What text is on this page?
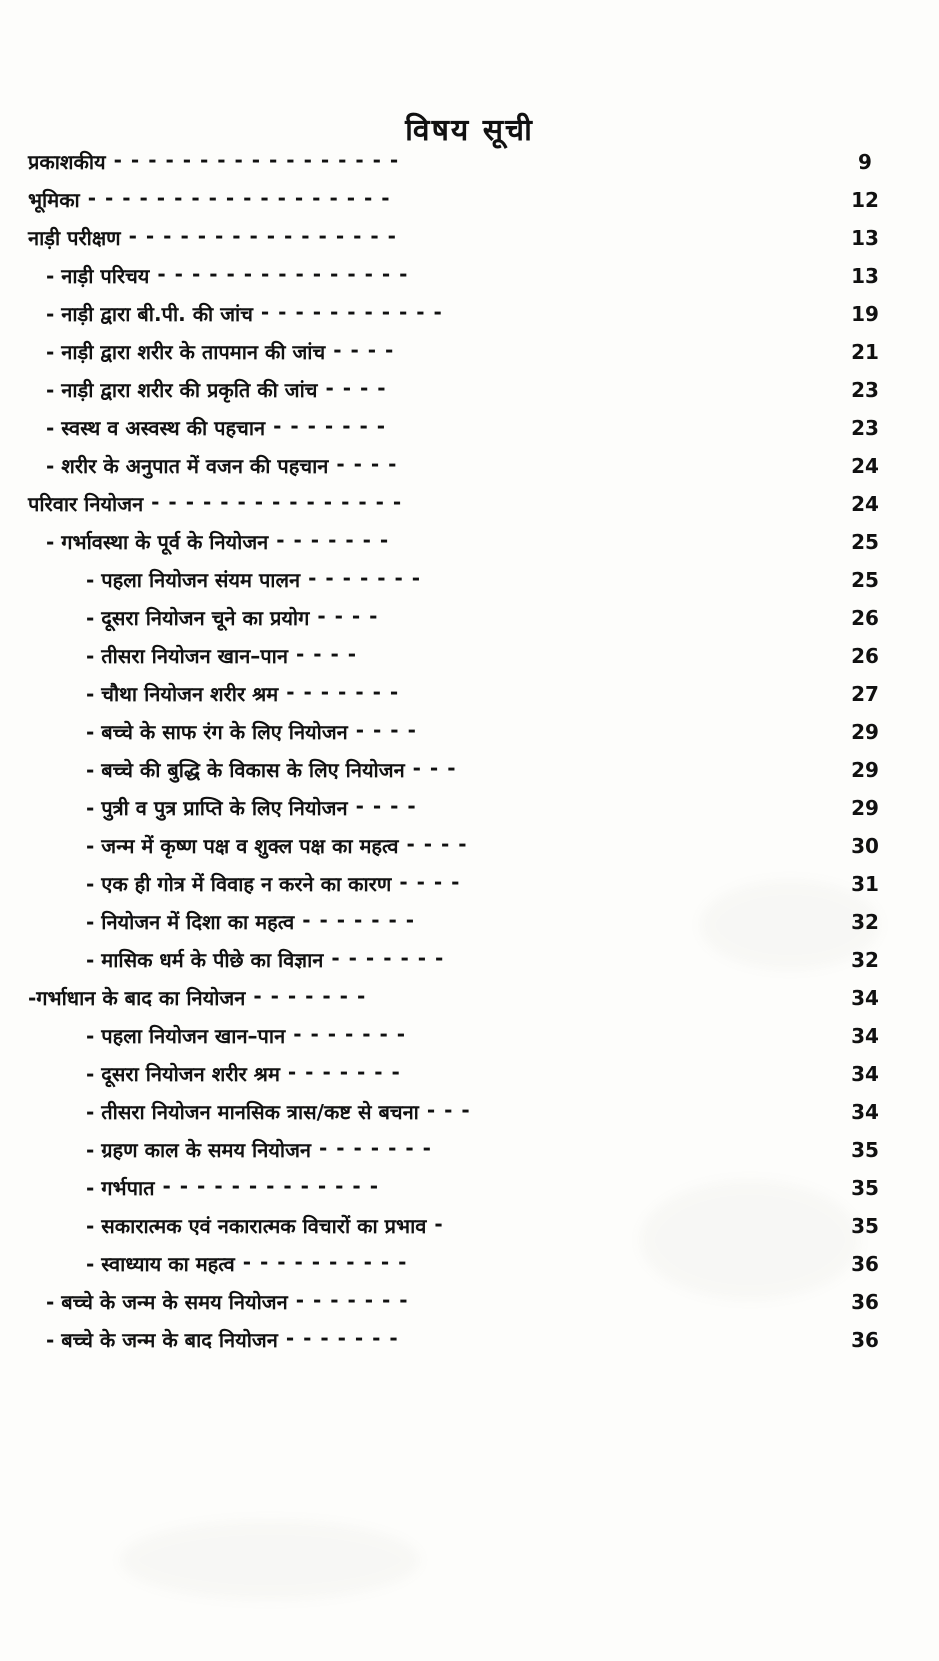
विषय सूची
प्रकाशकीय - - - - - - - - - - - - - - - - -	9
भूमिका - - - - - - - - - - - - - - - - - -	12
नाड़ी परीक्षण - - - - - - - - - - - - - - - -	13
- नाड़ी परिचय - - - - - - - - - - - - - - -	13
- नाड़ी द्वारा बी.पी. की जांच - - - - - - - - - - -	19
- नाड़ी द्वारा शरीर के तापमान की जांच - - - -	21
- नाड़ी द्वारा शरीर की प्रकृति की जांच - - - -	23
- स्वस्थ व अस्वस्थ की पहचान - - - - - - -	23
- शरीर के अनुपात में वजन की पहचान - - - -	24
परिवार नियोजन - - - - - - - - - - - - - - -	24
- गर्भावस्था के पूर्व के नियोजन - - - - - - -	25
- पहला नियोजन संयम पालन - - - - - - -	25
- दूसरा नियोजन चूने का प्रयोग - - - -	26
- तीसरा नियोजन खान–पान - - - -	26
- चौथा नियोजन शरीर श्रम - - - - - - -	27
- बच्चे के साफ रंग के लिए नियोजन - - - -	29
- बच्चे की बुद्धि के विकास के लिए नियोजन - - -	29
- पुत्री व पुत्र प्राप्ति के लिए नियोजन - - - -	29
- जन्म में कृष्ण पक्ष व शुक्ल पक्ष का महत्व - - - -	30
- एक ही गोत्र में विवाह न करने का कारण - - - -	31
- नियोजन में दिशा का महत्व - - - - - - -	32
- मासिक धर्म के पीछे का विज्ञान - - - - - - -	32
-गर्भाधान के बाद का नियोजन - - - - - - -	34
- पहला नियोजन खान–पान - - - - - - -	34
- दूसरा नियोजन शरीर श्रम - - - - - - -	34
- तीसरा नियोजन मानसिक त्रास/कष्ट से बचना - - -	34
- ग्रहण काल के समय नियोजन - - - - - - -	35
- गर्भपात - - - - - - - - - - - - -	35
- सकारात्मक एवं नकारात्मक विचारों का प्रभाव -	35
- स्वाध्याय का महत्व - - - - - - - - - -	36
- बच्चे के जन्म के समय नियोजन - - - - - - -	36
- बच्चे के जन्म के बाद नियोजन - - - - - - -	36
